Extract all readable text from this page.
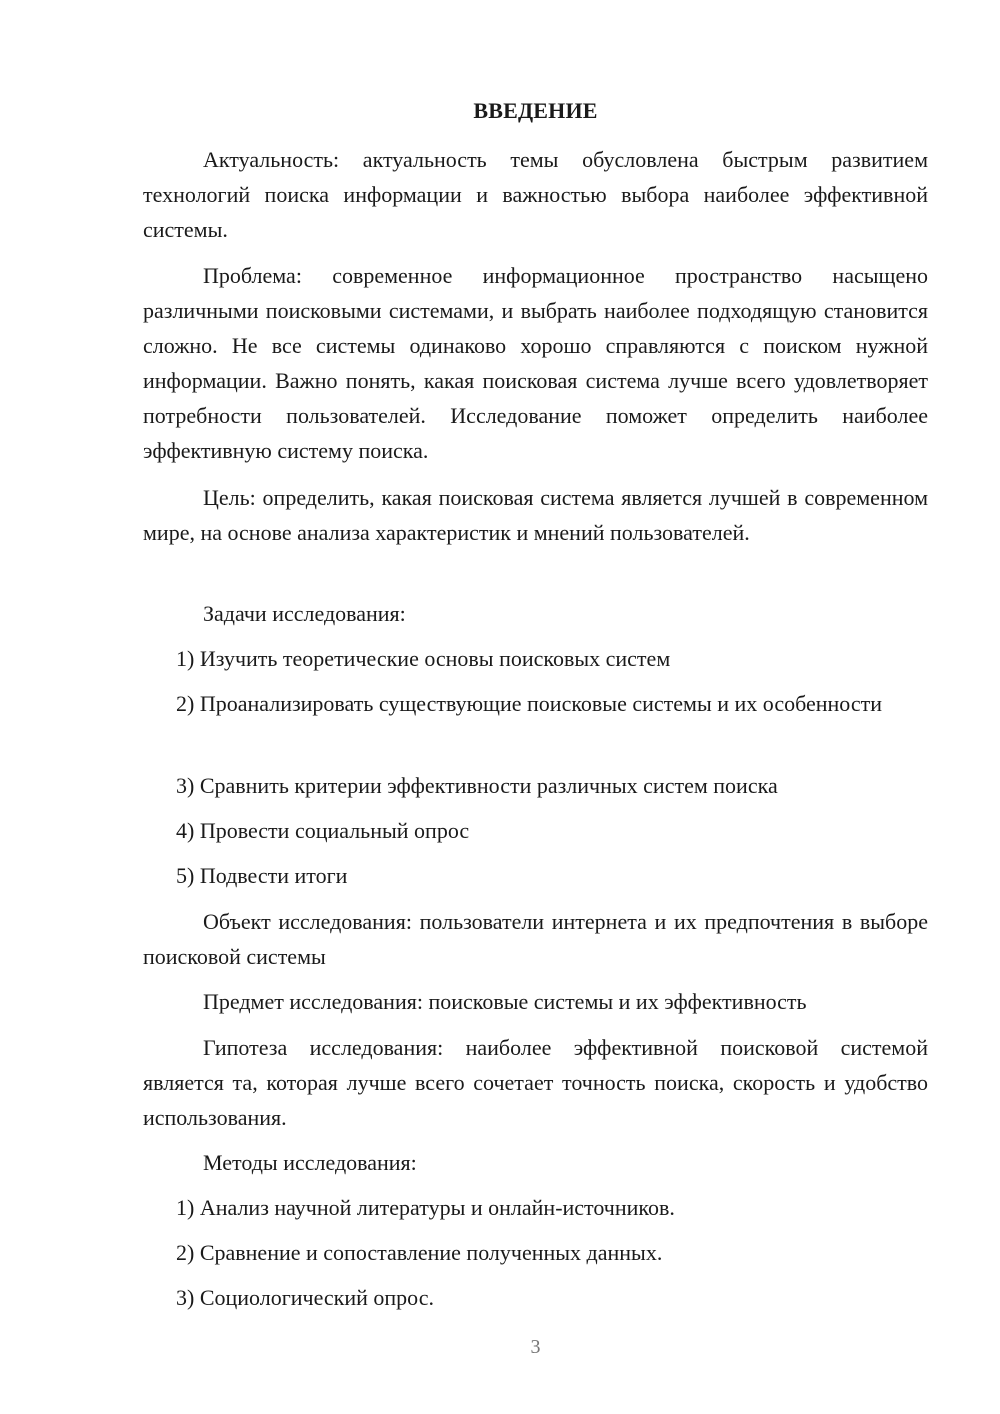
ВВЕДЕНИЕ

Актуальность: актуальность темы обусловлена быстрым развитием технологий поиска информации и важностью выбора наиболее эффективной системы.

Проблема: современное информационное пространство насыщено различными поисковыми системами, и выбрать наиболее подходящую становится сложно. Не все системы одинаково хорошо справляются с поиском нужной информации. Важно понять, какая поисковая система лучше всего удовлетворяет потребности пользователей. Исследование поможет определить наиболее эффективную систему поиска.

Цель: определить, какая поисковая система является лучшей в современном мире, на основе анализа характеристик и мнений пользователей.

Задачи исследования:

1) Изучить теоретические основы поисковых систем

2) Проанализировать существующие поисковые системы и их особенности

3) Сравнить критерии эффективности различных систем поиска

4) Провести социальный опрос

5) Подвести итоги

Объект исследования: пользователи интернета и их предпочтения в выборе поисковой системы

Предмет исследования: поисковые системы и их эффективность

Гипотеза исследования: наиболее эффективной поисковой системой является та, которая лучше всего сочетает точность поиска, скорость и удобство использования.

Методы исследования:

1) Анализ научной литературы и онлайн-источников.

2) Сравнение и сопоставление полученных данных.

3) Социологический опрос.

3
